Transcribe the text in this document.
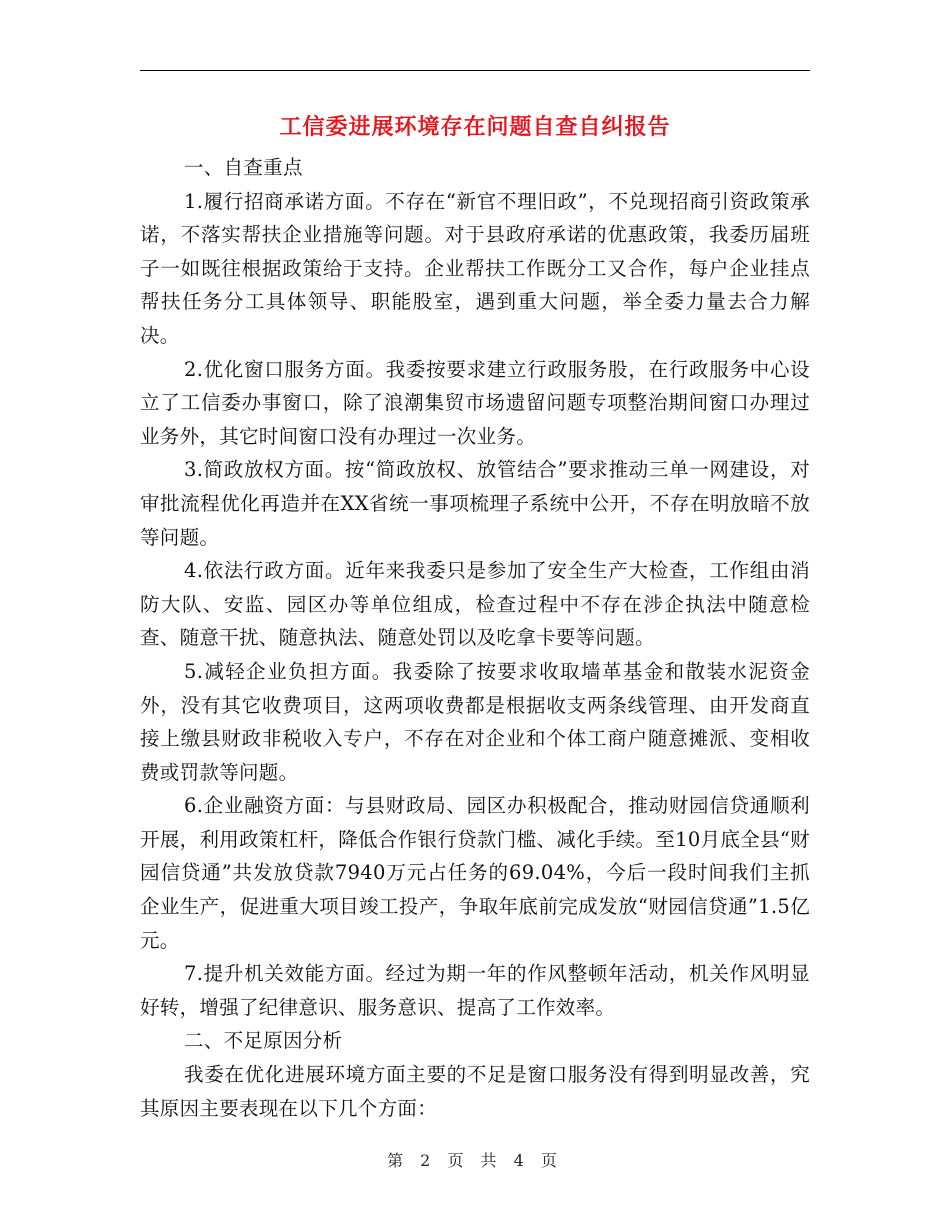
工信委进展环境存在问题自查自纠报告

一、自查重点

1.履行招商承诺方面。不存在“新官不理旧政”，不兑现招商引资政策承诺，不落实帮扶企业措施等问题。对于县政府承诺的优惠政策，我委历届班子一如既往根据政策给于支持。企业帮扶工作既分工又合作，每户企业挂点帮扶任务分工具体领导、职能股室，遇到重大问题，举全委力量去合力解决。

2.优化窗口服务方面。我委按要求建立行政服务股，在行政服务中心设立了工信委办事窗口，除了浪潮集贸市场遗留问题专项整治期间窗口办理过业务外，其它时间窗口没有办理过一次业务。

3.简政放权方面。按“简政放权、放管结合”要求推动三单一网建设，对审批流程优化再造并在XX省统一事项梳理子系统中公开，不存在明放暗不放等问题。

4.依法行政方面。近年来我委只是参加了安全生产大检查，工作组由消防大队、安监、园区办等单位组成，检查过程中不存在涉企执法中随意检查、随意干扰、随意执法、随意处罚以及吃拿卡要等问题。

5.减轻企业负担方面。我委除了按要求收取墙革基金和散装水泥资金外，没有其它收费项目，这两项收费都是根据收支两条线管理、由开发商直接上缴县财政非税收入专户，不存在对企业和个体工商户随意摊派、变相收费或罚款等问题。

6.企业融资方面：与县财政局、园区办积极配合，推动财园信贷通顺利开展，利用政策杠杆，降低合作银行贷款门槛、减化手续。至10月底全县“财园信贷通”共发放贷款7940万元占任务的69.04%，今后一段时间我们主抓企业生产，促进重大项目竣工投产，争取年底前完成发放“财园信贷通”1.5亿元。

7.提升机关效能方面。经过为期一年的作风整顿年活动，机关作风明显好转，增强了纪律意识、服务意识、提高了工作效率。

二、不足原因分析

我委在优化进展环境方面主要的不足是窗口服务没有得到明显改善，究其原因主要表现在以下几个方面：

第 2 页 共 4 页
